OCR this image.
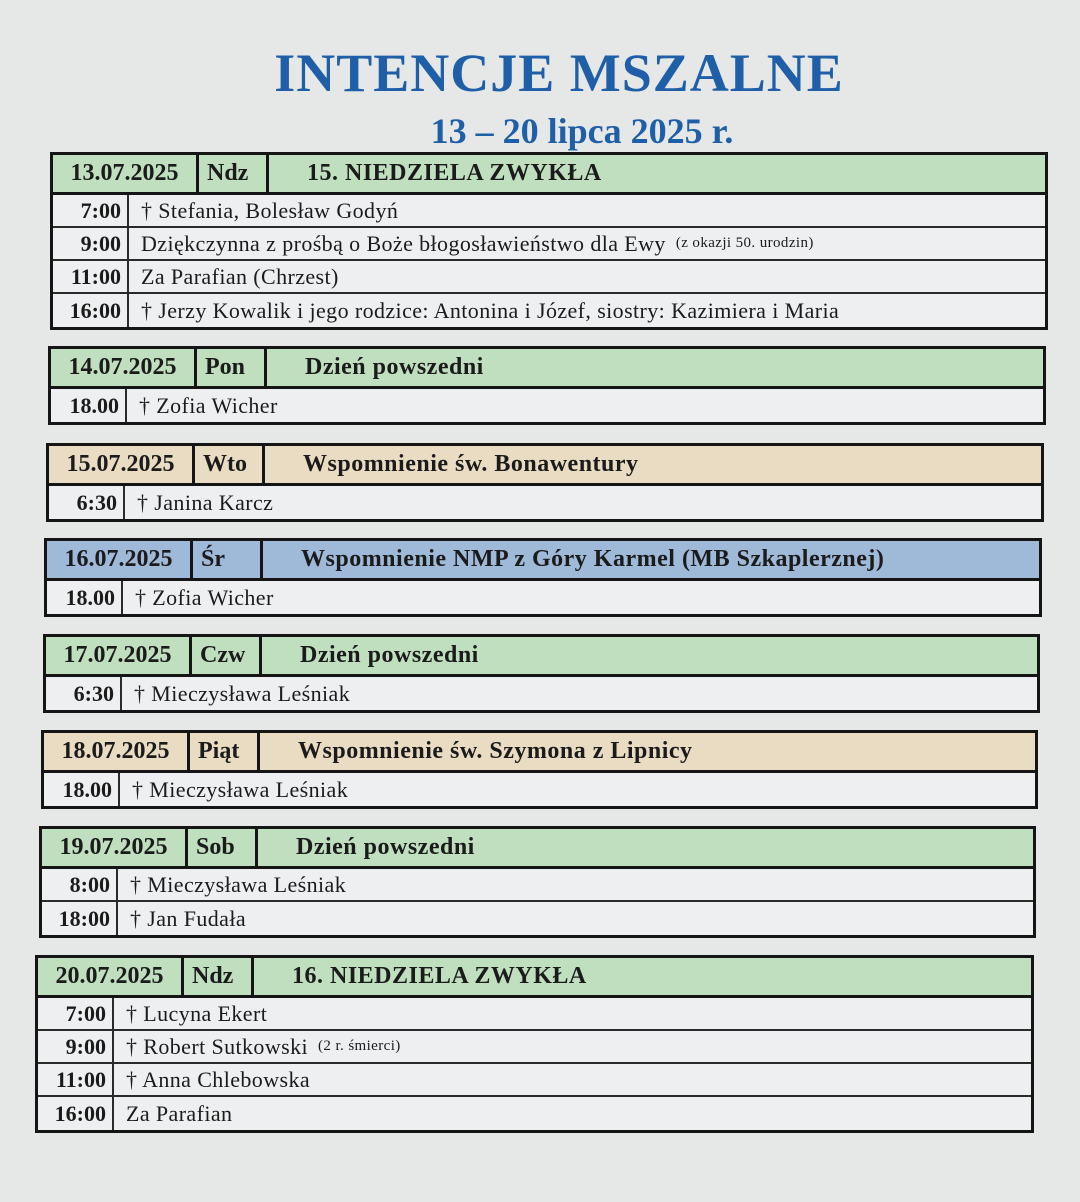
INTENCJE MSZALNE
13 – 20 lipca 2025 r.
13.07.2025	Ndz	15. NIEDZIELA ZWYKŁA
7:00 † Stefania, Bolesław Godyń
9:00 Dziękczynna z prośbą o Boże błogosławieństwo dla Ewy (z okazji 50. urodzin)
11:00 Za Parafian (Chrzest)
16:00 † Jerzy Kowalik i jego rodzice: Antonina i Józef, siostry: Kazimiera i Maria
14.07.2025	Pon	Dzień powszedni
18.00 † Zofia Wicher
15.07.2025	Wto	Wspomnienie św. Bonawentury
6:30 † Janina Karcz
16.07.2025	Śr	Wspomnienie NMP z Góry Karmel (MB Szkaplerznej)
18.00 † Zofia Wicher
17.07.2025	Czw	Dzień powszedni
6:30 † Mieczysława Leśniak
18.07.2025	Piąt	Wspomnienie św. Szymona z Lipnicy
18.00 † Mieczysława Leśniak
19.07.2025	Sob	Dzień powszedni
8:00 † Mieczysława Leśniak
18:00 † Jan Fudała
20.07.2025	Ndz	16. NIEDZIELA ZWYKŁA
7:00 † Lucyna Ekert
9:00 † Robert Sutkowski (2 r. śmierci)
11:00 † Anna Chlebowska
16:00 Za Parafian
